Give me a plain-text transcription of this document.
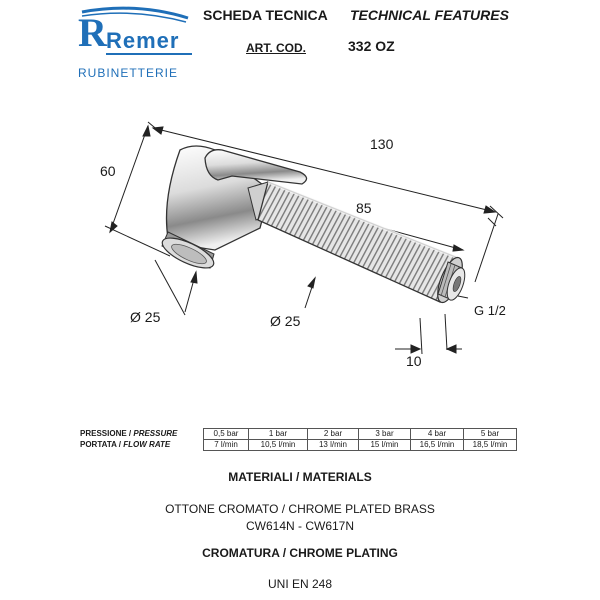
R Remer
RUBINETTERIE
SCHEDA TECNICA TECHNICAL FEATURES
ART. COD.	332 OZ
130
60
85
Ø 25	Ø 25
G 1/2
10
PRESSIONE / PRESSURE	0,5 bar	1 bar	2 bar	3 bar	4 bar	5 bar
PORTATA / FLOW RATE	7 l/min	10,5 l/min	13 l/min	15 l/min	16,5 l/min	18,5 l/min
MATERIALI / MATERIALS
OTTONE CROMATO / CHROME PLATED BRASS
CW614N - CW617N
CROMATURA / CHROME PLATING
UNI EN 248
